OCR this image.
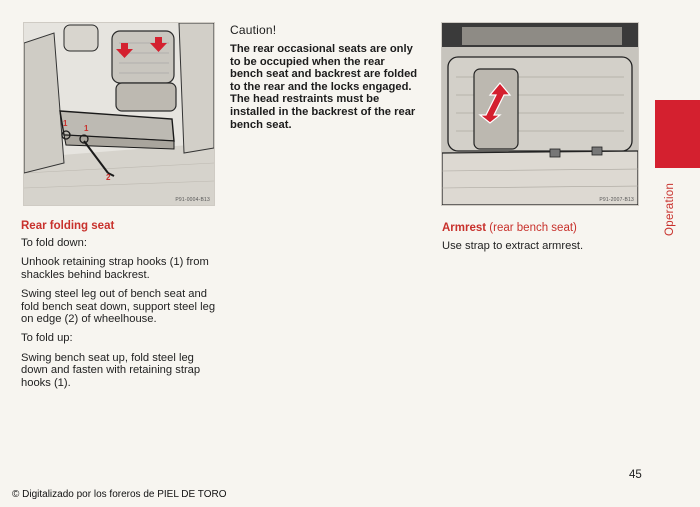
1
1
2
P91-0004-B13	P91-2007-B13
Caution!
The rear occasional seats are only to be occupied when the rear bench seat and backrest are folded to the rear and the locks engaged. The head restraints must be installed in the backrest of the rear bench seat.
Rear folding seat

To fold down:

Unhook retaining strap hooks (1) from shackles behind backrest.

Swing steel leg out of bench seat and fold bench seat down, support steel leg on edge (2) of wheelhouse.

To fold up:

Swing bench seat up, fold steel leg down and fasten with retaining strap hooks (1).

Armrest (rear bench seat)
Use strap to extract armrest.
Operation
45
© Digitalizado por los foreros de PIEL DE TORO
